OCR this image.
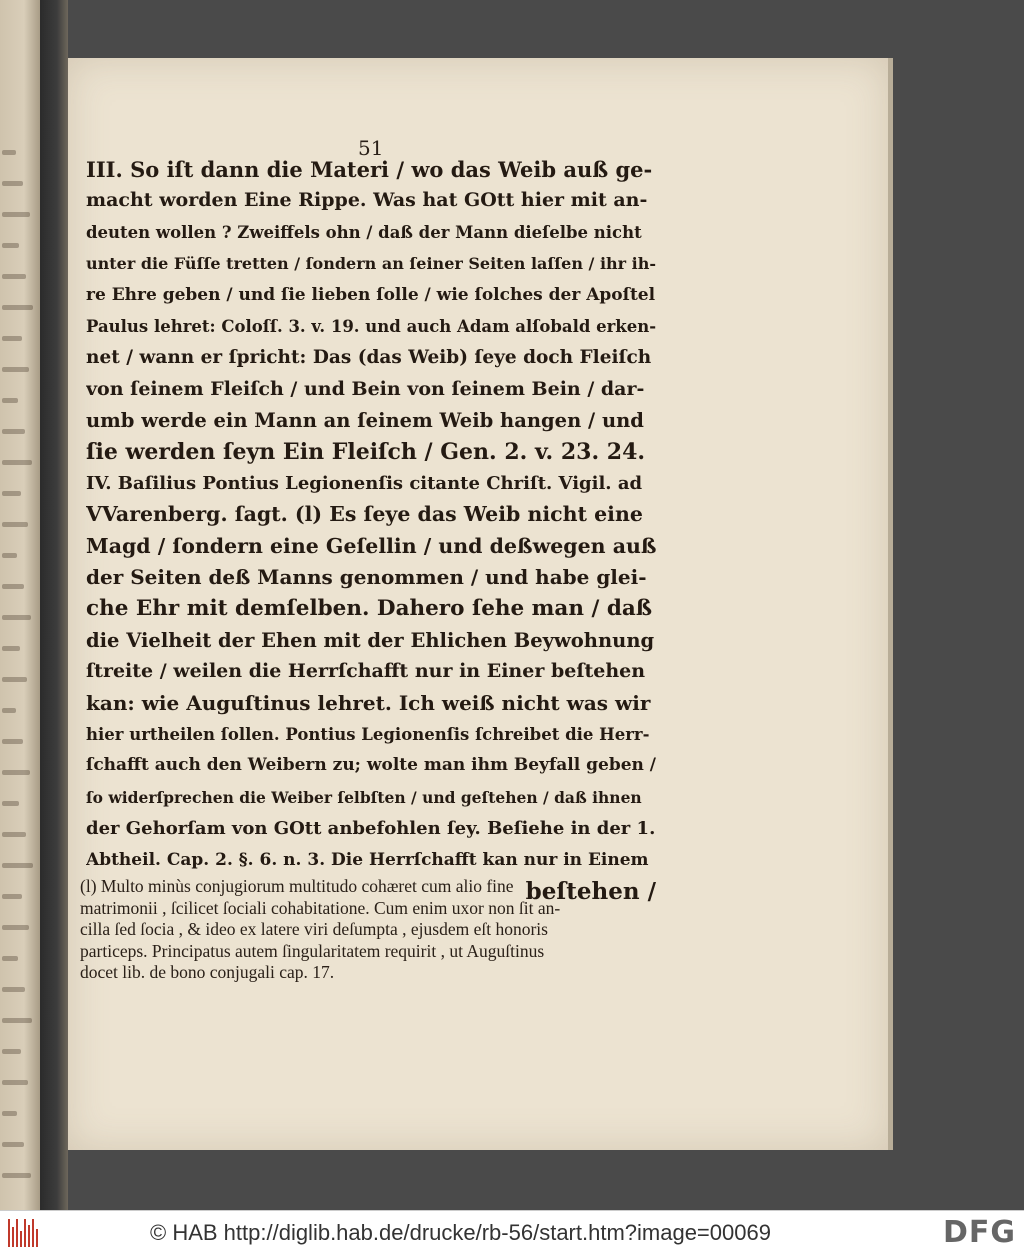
51
III. So iſt dann die Materi / wo das Weib auß ge-
macht worden Eine Rippe. Was hat GOtt hier mit an-
deuten wollen ? Zweiffels ohn / daß der Mann dieſelbe nicht
unter die Füſſe tretten / ſondern an ſeiner Seiten laſſen / ihr ih-
re Ehre geben / und ſie lieben ſolle / wie ſolches der Apoſtel
Paulus lehret: Coloſſ. 3. v. 19. und auch Adam alſobald erken-
net / wann er ſpricht: Das (das Weib) ſeye doch Fleiſch
von ſeinem Fleiſch / und Bein von ſeinem Bein / dar-
umb werde ein Mann an ſeinem Weib hangen / und
ſie werden ſeyn Ein Fleiſch / Gen. 2. v. 23. 24.
IV. Baſilius Pontius Legionenſis citante Chriſt. Vigil. ad
VVarenberg. ſagt. (l) Es ſeye das Weib nicht eine
Magd / ſondern eine Geſellin / und deßwegen auß
der Seiten deß Manns genommen / und habe glei-
che Ehr mit demſelben. Dahero ſehe man / daß
die Vielheit der Ehen mit der Ehlichen Beywohnung
ſtreite / weilen die Herrſchafft nur in Einer beſtehen
kan: wie Auguſtinus lehret. Ich weiß nicht was wir
hier urtheilen ſollen. Pontius Legionenſis ſchreibet die Herr-
ſchafft auch den Weibern zu; wolte man ihm Beyfall geben /
ſo widerſprechen die Weiber ſelbſten / und geſtehen / daß ihnen
der Gehorſam von GOtt anbefohlen ſey. Beſiehe in der 1.
Abtheil. Cap. 2. §. 6. n. 3. Die Herrſchafft kan nur in Einem
beſtehen /
(l) Multo minùs conjugiorum multitudo cohæret cum alio fine
matrimonii , ſcilicet ſociali cohabitatione. Cum enim uxor non ſit an-
cilla ſed ſocia , & ideo ex latere viri deſumpta , ejusdem eſt honoris
particeps. Principatus autem ſingularitatem requirit , ut Auguſtinus
docet lib. de bono conjugali cap. 17.
© HAB http://diglib.hab.de/drucke/rb-56/start.htm?image=00069	DFG
